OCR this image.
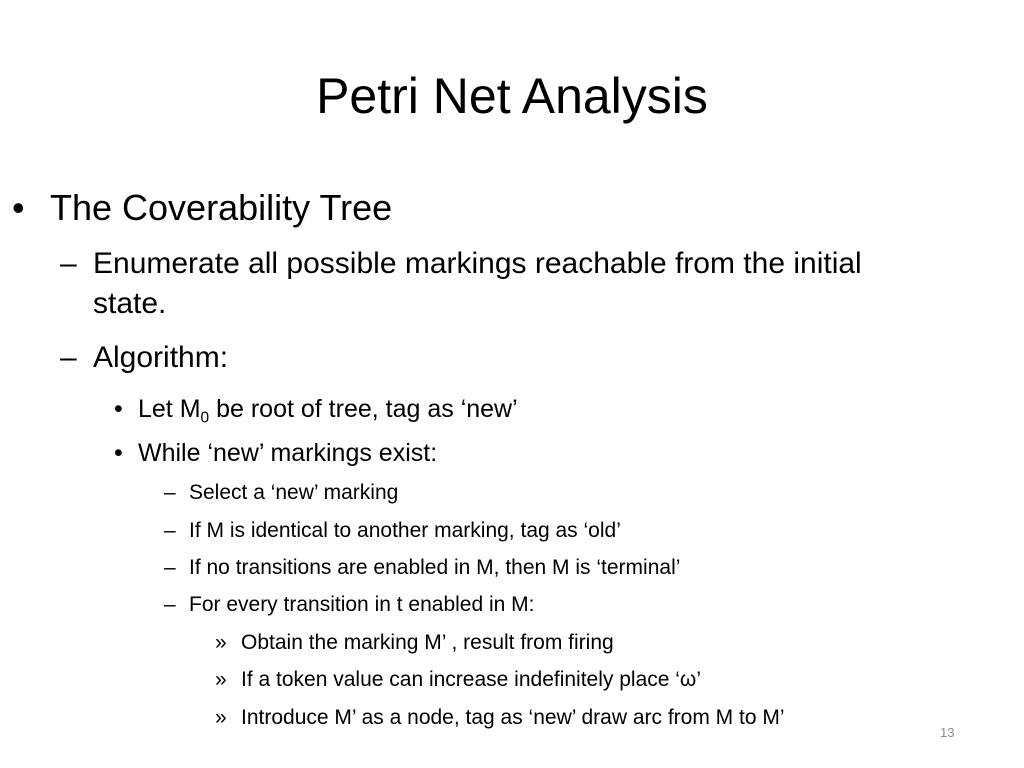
Petri Net Analysis
• The Coverability Tree
– Enumerate all possible markings reachable from the initial state.
– Algorithm:
• Let $M_0$ be root of tree, tag as ‘new’
• While ‘new’ markings exist:
– Select a ‘new’ marking
– If M is identical to another marking, tag as ‘old’
– If no transitions are enabled in M, then M is ‘terminal’
– For every transition in t enabled in M:
» Obtain the marking M’ , result from firing
» If a token value can increase indefinitely place ‘ω’
» Introduce M’ as a node, tag as ‘new’ draw arc from M to M’
13
